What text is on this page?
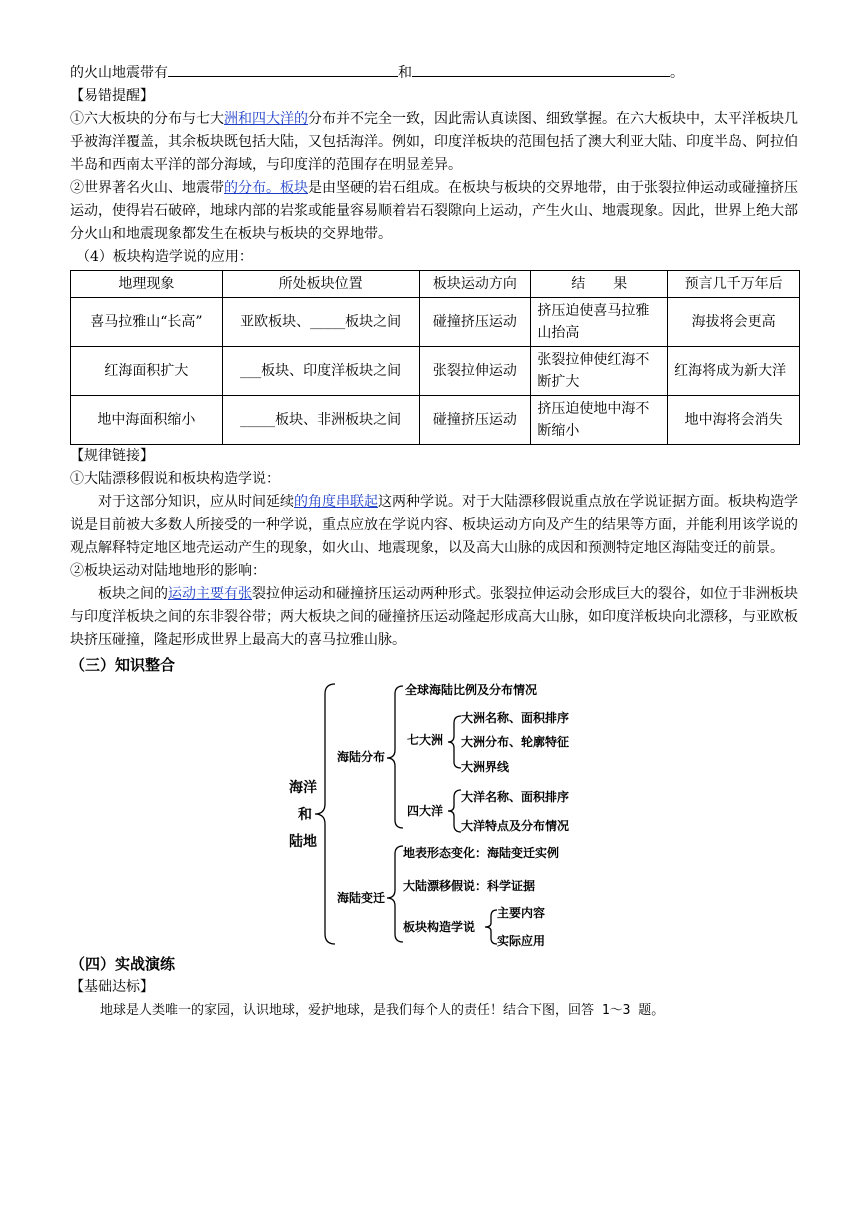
的火山地震带有	和	。

【易错提醒】

①六大板块的分布与七大洲和四大洋的分布并不完全一致，因此需认真读图、细致掌握。在六大板块中，太平洋板块几乎被海洋覆盖，其余板块既包括大陆，又包括海洋。例如，印度洋板块的范围包括了澳大利亚大陆、印度半岛、阿拉伯半岛和西南太平洋的部分海域，与印度洋的范围存在明显差异。

②世界著名火山、地震带的分布。板块是由坚硬的岩石组成。在板块与板块的交界地带，由于张裂拉伸运动或碰撞挤压运动，使得岩石破碎，地球内部的岩浆或能量容易顺着岩石裂隙向上运动，产生火山、地震现象。因此，世界上绝大部分火山和地震现象都发生在板块与板块的交界地带。

（4）板块构造学说的应用：

地理现象	所处板块位置	板块运动方向	结　　果	预言几千万年后
喜马拉雅山“长高”	亚欧板块、_____板块之间	碰撞挤压运动	挤压迫使喜马拉雅山抬高	海拔将会更高
红海面积扩大	___板块、印度洋板块之间	张裂拉伸运动	张裂拉伸使红海不断扩大	红海将成为新大洋
地中海面积缩小	_____板块、非洲板块之间	碰撞挤压运动	挤压迫使地中海不断缩小	地中海将会消失

【规律链接】

①大陆漂移假说和板块构造学说：

对于这部分知识，应从时间延续的角度串联起这两种学说。对于大陆漂移假说重点放在学说证据方面。板块构造学说是目前被大多数人所接受的一种学说，重点应放在学说内容、板块运动方向及产生的结果等方面，并能利用该学说的观点解释特定地区地壳运动产生的现象，如火山、地震现象，以及高大山脉的成因和预测特定地区海陆变迁的前景。

②板块运动对陆地地形的影响：

板块之间的运动主要有张裂拉伸运动和碰撞挤压运动两种形式。张裂拉伸运动会形成巨大的裂谷，如位于非洲板块与印度洋板块之间的东非裂谷带；两大板块之间的碰撞挤压运动隆起形成高大山脉，如印度洋板块向北漂移，与亚欧板块挤压碰撞，隆起形成世界上最高大的喜马拉雅山脉。

（三）知识整合

海洋
和
陆地
海陆分布
全球海陆比例及分布情况
七大洲
大洲名称、面积排序
大洲分布、轮廓特征
大洲界线
四大洋
大洋名称、面积排序
大洋特点及分布情况
海陆变迁
地表形态变化：海陆变迁实例
大陆漂移假说：科学证据
板块构造学说
主要内容
实际应用

（四）实战演练

【基础达标】

地球是人类唯一的家园，认识地球，爱护地球，是我们每个人的责任！结合下图，回答 1～3 题。
